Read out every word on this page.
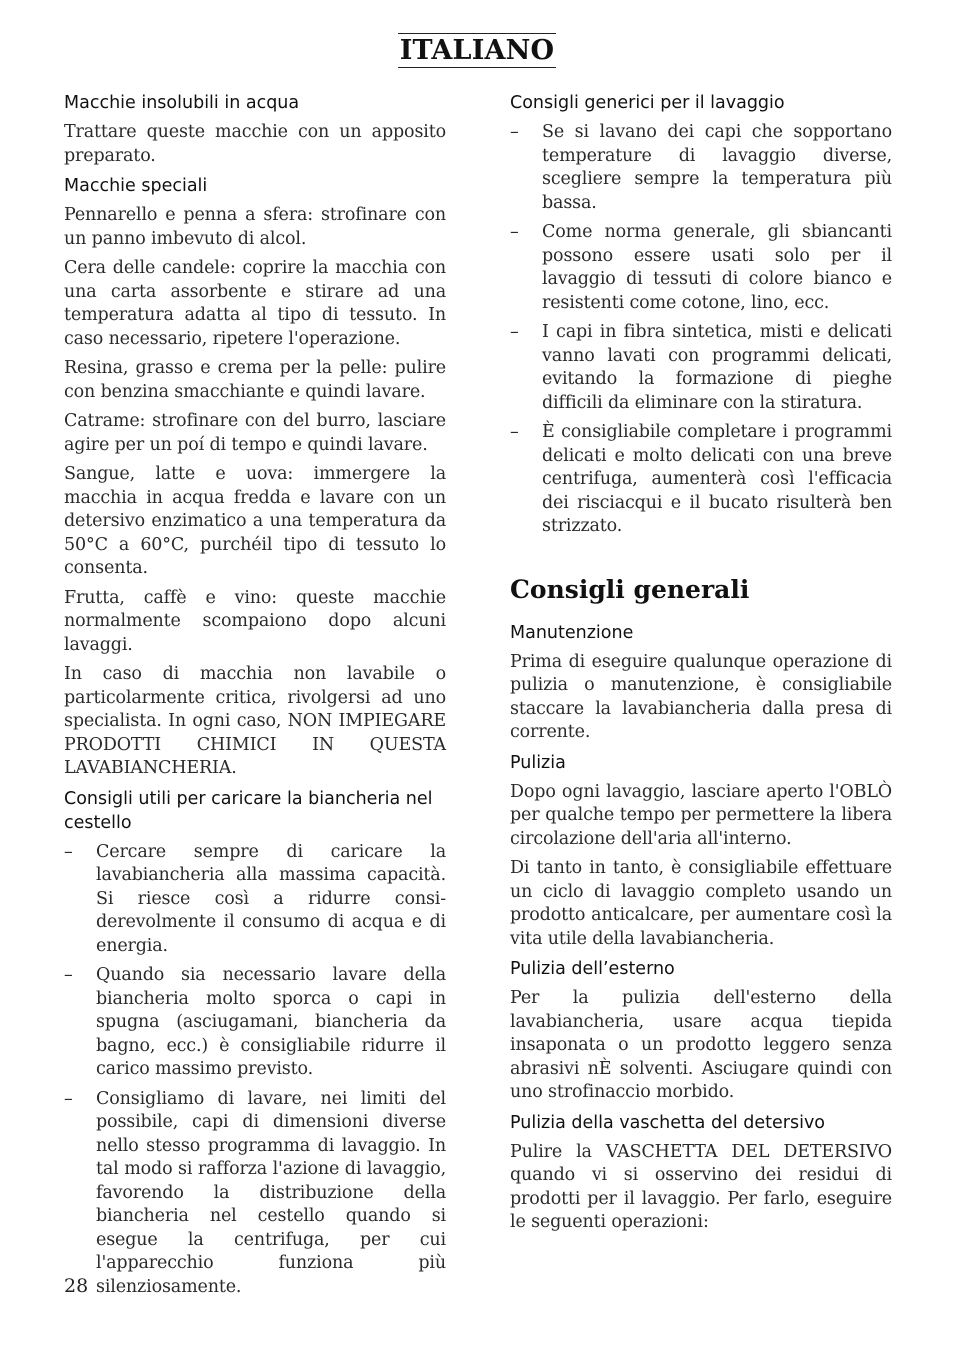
ITALIANO
Macchie insolubili in acqua

Trattare queste macchie con un apposito preparato.

Macchie speciali

Pennarello e penna a sfera: strofinare con un panno imbevuto di alcol.

Cera delle candele: coprire la macchia con una carta assorbente e stirare ad una temperatura adatta al tipo di tessuto. In caso necessario, ripetere l'operazione.

Resina, grasso e crema per la pelle: pulire con benzina smacchiante e quindi lavare.

Catrame: strofinare con del burro, lasciare agire per un poí di tempo e quindi lavare.

Sangue, latte e uova: immergere la macchia in acqua fredda e lavare con un detersivo enzimatico a una temperatura da 50°C a 60°C, purchéil tipo di tessuto lo consenta.

Frutta, caffè e vino: queste macchie normalmente scompaiono dopo alcuni lavaggi.

In caso di macchia non lavabile o particolarmente critica, rivolgersi ad uno specialista. In ogni caso, NON IMPIEGARE PRODOTTI CHIMICI IN QUESTA LAVABIANCHERIA.

Consigli utili per caricare la biancheria nel cestello
– Cercare sempre di caricare la lavabiancheria alla massima capacità. Si riesce così a ridurre consi- derevolmente il consumo di acqua e di energia.
– Quando sia necessario lavare della biancheria molto sporca o capi in spugna (asciugamani, biancheria da bagno, ecc.) è consigliabile ridurre il carico massimo previsto.
– Consigliamo di lavare, nei limiti del possibile, capi di dimensioni diverse nello stesso programma di lavaggio. In tal modo si rafforza l'azione di lavaggio, favorendo la distribuzione della biancheria nel cestello quando si esegue la centrifuga, per cui l'apparecchio funziona più silenziosamente.
Consigli generici per il lavaggio
– Se si lavano dei capi che sopportano temperature di lavaggio diverse, scegliere sempre la temperatura più bassa.
– Come norma generale, gli sbiancanti possono essere usati solo per il lavaggio di tessuti di colore bianco e resistenti come cotone, lino, ecc.
– I capi in fibra sintetica, misti e delicati vanno lavati con programmi delicati, evitando la formazione di pieghe difficili da eliminare con la stiratura.
– È consigliabile completare i programmi delicati e molto delicati con una breve centrifuga, aumenterà così l'efficacia dei risciacqui e il bucato risulterà ben strizzato.
Consigli generali
Manutenzione

Prima di eseguire qualunque operazione di pulizia o manutenzione, è consigliabile staccare la lavabiancheria dalla presa di corrente.

Pulizia

Dopo ogni lavaggio, lasciare aperto l'OBLÒ per qualche tempo per permettere la libera circolazione dell'aria all'interno.

Di tanto in tanto, è consigliabile effettuare un ciclo di lavaggio completo usando un prodotto anticalcare, per aumentare così la vita utile della lavabiancheria.

Pulizia dell’esterno

Per la pulizia dell'esterno della lavabiancheria, usare acqua tiepida insaponata o un prodotto leggero senza abrasivi nÈ solventi. Asciugare quindi con uno strofinaccio morbido.

Pulizia della vaschetta del detersivo

Pulire la VASCHETTA DEL DETERSIVO quando vi si osservino dei residui di prodotti per il lavaggio. Per farlo, eseguire le seguenti operazioni:

28
